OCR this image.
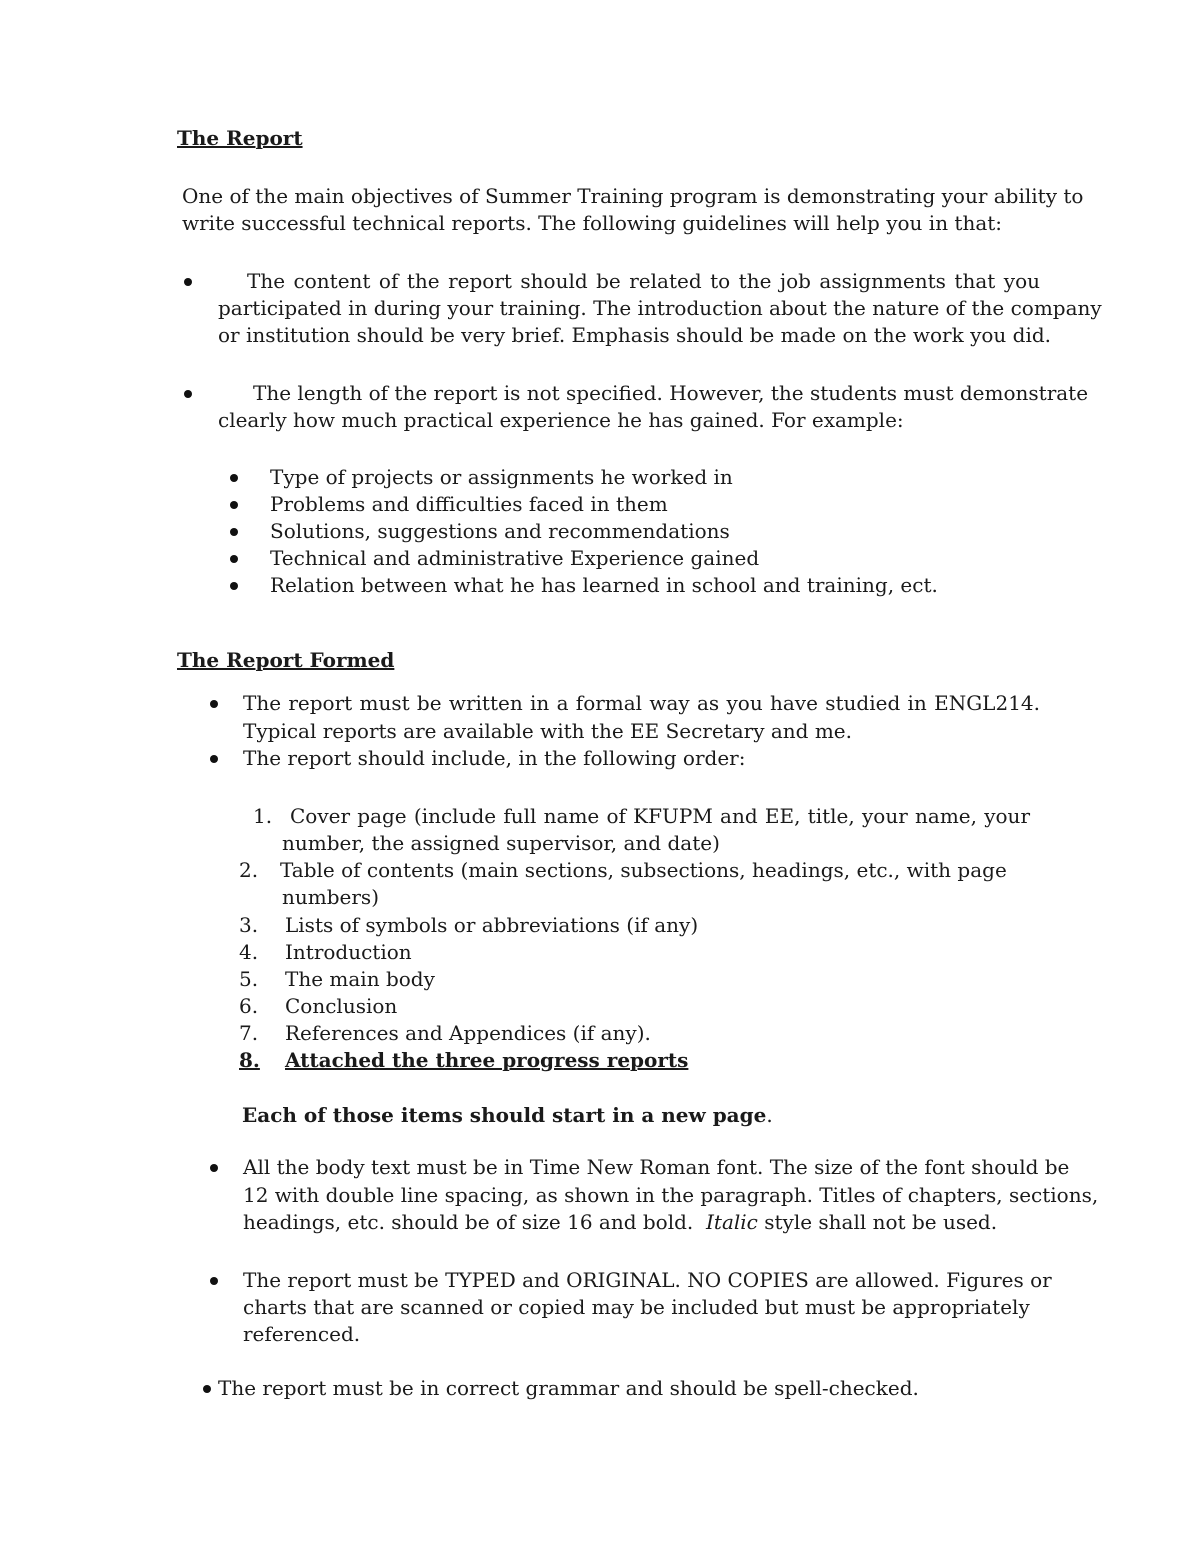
The Report
One of the main objectives of Summer Training program is demonstrating your ability to
write successful technical reports. The following guidelines will help you in that:
The content of the report should be related to the job assignments that you
participated in during your training. The introduction about the nature of the company
or institution should be very brief. Emphasis should be made on the work you did.
The length of the report is not specified. However, the students must demonstrate
clearly how much practical experience he has gained. For example:
Type of projects or assignments he worked in
Problems and difficulties faced in them
Solutions, suggestions and recommendations
Technical and administrative Experience gained
Relation between what he has learned in school and training, ect.
The Report Formed
The report must be written in a formal way as you have studied in ENGL214.
Typical reports are available with the EE Secretary and me.
The report should include, in the following order:
1. Cover page (include full name of KFUPM and EE, title, your name, your
number, the assigned supervisor, and date)
2. Table of contents (main sections, subsections, headings, etc., with page
numbers)
3. Lists of symbols or abbreviations (if any)
4. Introduction
5. The main body
6. Conclusion
7. References and Appendices (if any).
8.	Attached the three progress reports
Each of those items should start in a new page.
All the body text must be in Time New Roman font. The size of the font should be
12 with double line spacing, as shown in the paragraph. Titles of chapters, sections,
headings, etc. should be of size 16 and bold. Italic style shall not be used.
The report must be TYPED and ORIGINAL. NO COPIES are allowed. Figures or
charts that are scanned or copied may be included but must be appropriately
referenced.
The report must be in correct grammar and should be spell-checked.
